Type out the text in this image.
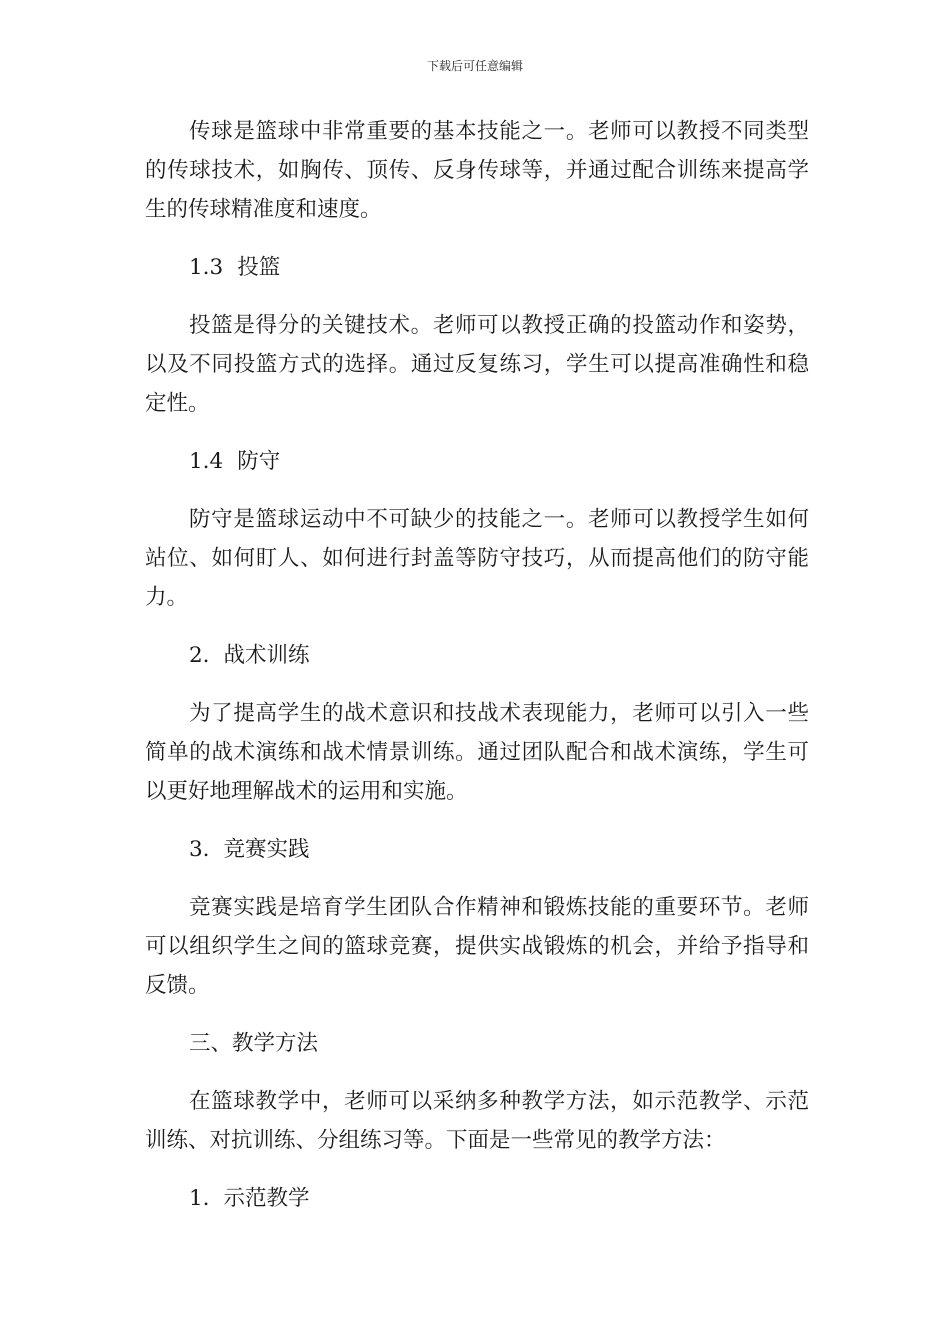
下载后可任意编辑

传球是篮球中非常重要的基本技能之一。老师可以教授不同类型的传球技术，如胸传、顶传、反身传球等，并通过配合训练来提高学生的传球精准度和速度。

1.3 投篮

投篮是得分的关键技术。老师可以教授正确的投篮动作和姿势，以及不同投篮方式的选择。通过反复练习，学生可以提高准确性和稳定性。

1.4 防守

防守是篮球运动中不可缺少的技能之一。老师可以教授学生如何站位、如何盯人、如何进行封盖等防守技巧，从而提高他们的防守能力。

2. 战术训练

为了提高学生的战术意识和技战术表现能力，老师可以引入一些简单的战术演练和战术情景训练。通过团队配合和战术演练，学生可以更好地理解战术的运用和实施。

3. 竞赛实践

竞赛实践是培育学生团队合作精神和锻炼技能的重要环节。老师可以组织学生之间的篮球竞赛，提供实战锻炼的机会，并给予指导和反馈。

三、教学方法

在篮球教学中，老师可以采纳多种教学方法，如示范教学、示范训练、对抗训练、分组练习等。下面是一些常见的教学方法：

1. 示范教学
